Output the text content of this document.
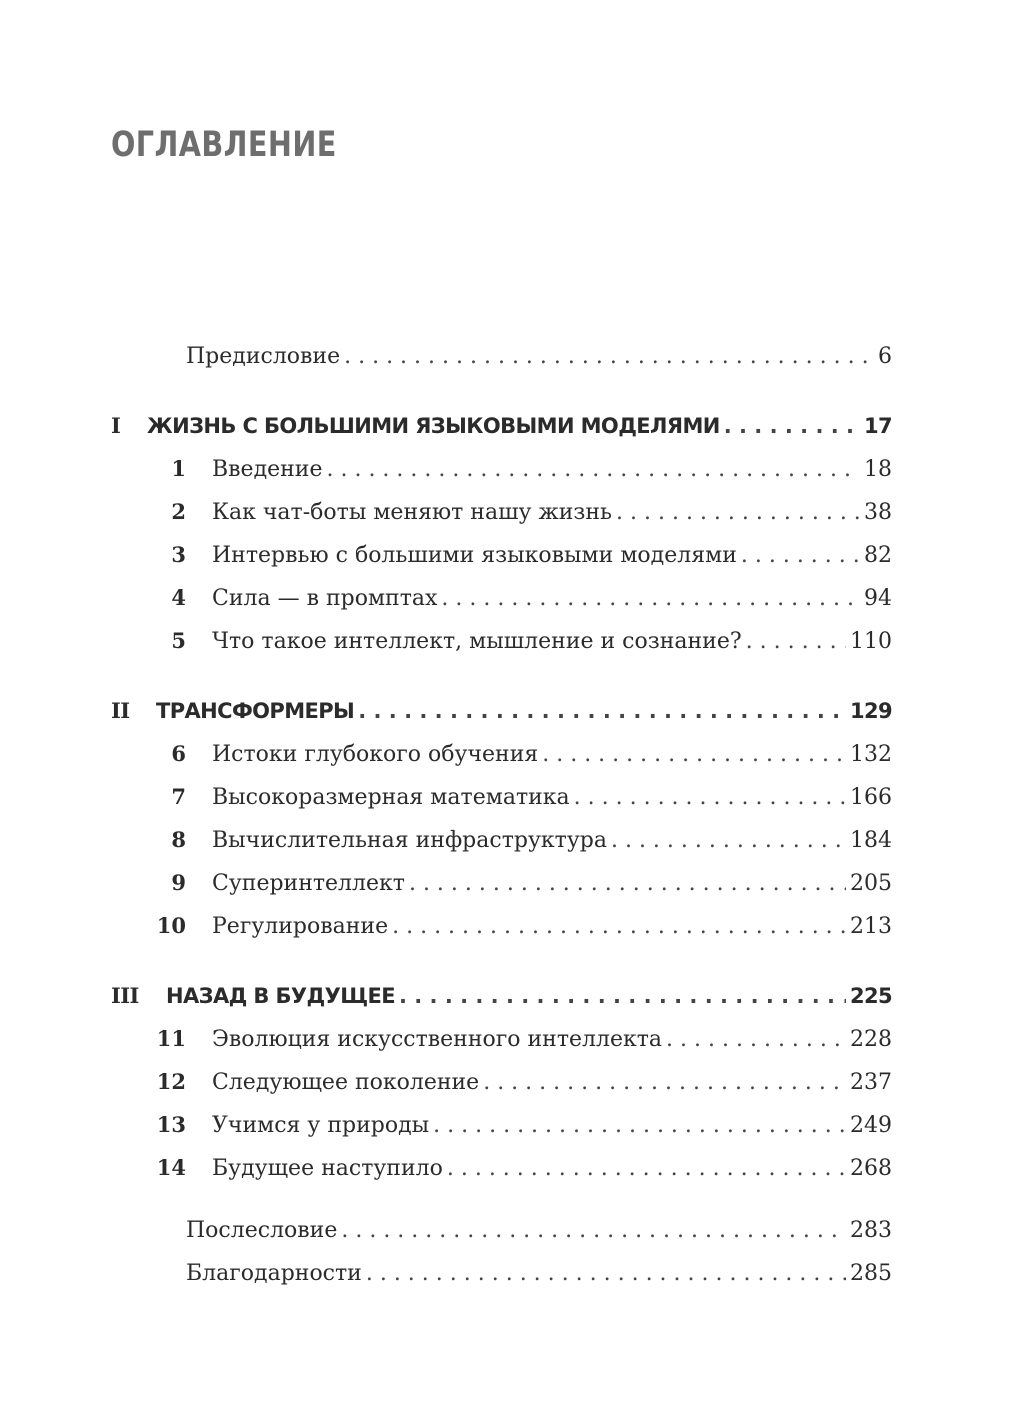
ОГЛАВЛЕНИЕ
Предисловие . . .	6
I	ЖИЗНЬ С БОЛЬШИМИ ЯЗЫКОВЫМИ МОДЕЛЯМИ . . .	17
1	Введение . . .	18
2	Как чат-боты меняют нашу жизнь . . .	38
3	Интервью с большими языковыми моделями . . .	82
4	Сила — в промптах . . .	94
5	Что такое интеллект, мышление и сознание? . . .	110
II	ТРАНСФОРМЕРЫ . . .	129
6	Истоки глубокого обучения . . .	132
7	Высокоразмерная математика . . .	166
8	Вычислительная инфраструктура . . .	184
9	Суперинтеллект . . .	205
10	Регулирование . . .	213
III	НАЗАД В БУДУЩЕЕ . . .	225
11	Эволюция искусственного интеллекта . . .	228
12	Следующее поколение . . .	237
13	Учимся у природы . . .	249
14	Будущее наступило . . .	268
Послесловие . . .	283
Благодарности . . .	285
